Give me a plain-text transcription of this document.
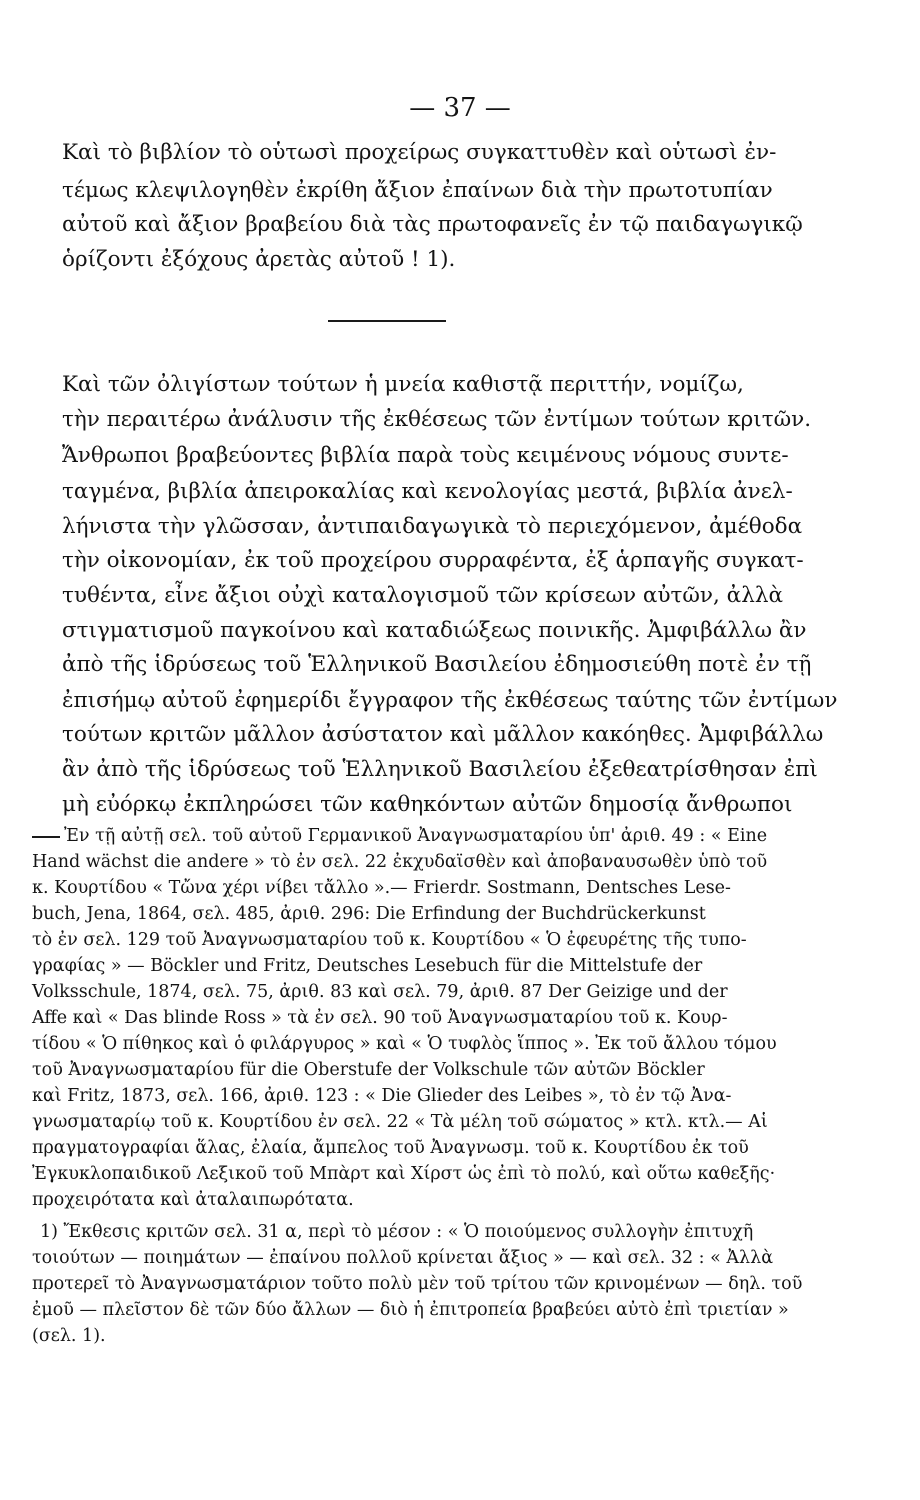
— 37 —
Καὶ τὸ βιβλίον τὸ οὑτωσὶ προχείρως συγκαττυθὲν καὶ οὑτωσὶ ἐν-
τέμως κλεψιλογηθὲν ἐκρίθη ἄξιον ἐπαίνων διὰ τὴν πρωτοτυπίαν
αὐτοῦ καὶ ἄξιον βραβείου διὰ τὰς πρωτοφανεῖς ἐν τῷ παιδαγωγικῷ
ὁρίζοντι ἐξόχους ἀρετὰς αὐτοῦ ! 1).
Καὶ τῶν ὀλιγίστων τούτων ἡ μνεία καθιστᾷ περιττήν, νομίζω,
τὴν περαιτέρω ἀνάλυσιν τῆς ἐκθέσεως τῶν ἐντίμων τούτων κριτῶν.
Ἄνθρωποι βραβεύοντες βιβλία παρὰ τοὺς κειμένους νόμους συντε-
ταγμένα, βιβλία ἀπειροκαλίας καὶ κενολογίας μεστά, βιβλία ἀνελ-
λήνιστα τὴν γλῶσσαν, ἀντιπαιδαγωγικὰ τὸ περιεχόμενον, ἀμέθοδα
τὴν οἰκονομίαν, ἐκ τοῦ προχείρου συρραφέντα, ἐξ ἁρπαγῆς συγκατ-
τυθέντα, εἶνε ἄξιοι οὐχὶ καταλογισμοῦ τῶν κρίσεων αὐτῶν, ἀλλὰ
στιγματισμοῦ παγκοίνου καὶ καταδιώξεως ποινικῆς. Ἀμφιβάλλω ἂν
ἀπὸ τῆς ἱδρύσεως τοῦ Ἑλληνικοῦ Βασιλείου ἐδημοσιεύθη ποτὲ ἐν τῇ
ἐπισήμῳ αὐτοῦ ἐφημερίδι ἔγγραφον τῆς ἐκθέσεως ταύτης τῶν ἐντίμων
τούτων κριτῶν μᾶλλον ἀσύστατον καὶ μᾶλλον κακόηθες. Ἀμφιβάλλω
ἂν ἀπὸ τῆς ἱδρύσεως τοῦ Ἑλληνικοῦ Βασιλείου ἐξεθεατρίσθησαν ἐπὶ
μὴ εὐόρκῳ ἐκπληρώσει τῶν καθηκόντων αὐτῶν δημοσίᾳ ἄνθρωποι
Ἐν τῇ αὐτῇ σελ. τοῦ αὐτοῦ Γερμανικοῦ Ἀναγνωσματαρίου ὑπ' ἀριθ. 49 : « Eine
Hand wächst die andere » τὸ ἐν σελ. 22 ἐκχυδαϊσθὲν καὶ ἀποβαναυσωθὲν ὑπὸ τοῦ
κ. Κουρτίδου « Τὤνα χέρι νίβει τἄλλο ».— Frierdr. Sostmann, Dentsches Lese-
buch, Jena, 1864, σελ. 485, ἀριθ. 296: Die Erfindung der Buchdrückerkunst
τὸ ἐν σελ. 129 τοῦ Ἀναγνωσματαρίου τοῦ κ. Κουρτίδου « Ὁ ἐφευρέτης τῆς τυπο-
γραφίας » — Böckler und Fritz, Deutsches Lesebuch für die Mittelstufe der
Volksschule, 1874, σελ. 75, ἀριθ. 83 καὶ σελ. 79, ἀριθ. 87 Der Geizige und der
Affe καὶ « Das blinde Ross » τὰ ἐν σελ. 90 τοῦ Ἀναγνωσματαρίου τοῦ κ. Κουρ-
τίδου « Ὁ πίθηκος καὶ ὁ φιλάργυρος » καὶ « Ὁ τυφλὸς ἵππος ». Ἐκ τοῦ ἄλλου τόμου
τοῦ Ἀναγνωσματαρίου für die Oberstufe der Volkschule τῶν αὐτῶν Böckler
καὶ Fritz, 1873, σελ. 166, ἀριθ. 123 : « Die Glieder des Leibes », τὸ ἐν τῷ Ἀνα-
γνωσματαρίῳ τοῦ κ. Κουρτίδου ἐν σελ. 22 « Τὰ μέλη τοῦ σώματος » κτλ. κτλ.— Αἱ
πραγματογραφίαι ἅλας, ἐλαία, ἄμπελος τοῦ Ἀναγνωσμ. τοῦ κ. Κουρτίδου ἐκ τοῦ
Ἐγκυκλοπαιδικοῦ Λεξικοῦ τοῦ Μπὰρτ καὶ Χίρστ ὡς ἐπὶ τὸ πολύ, καὶ οὕτω καθεξῆς·
προχειρότατα καὶ ἀταλαιπωρότατα.
1) Ἔκθεσις κριτῶν σελ. 31 α, περὶ τὸ μέσον : « Ὁ ποιούμενος συλλογὴν ἐπιτυχῆ
τοιούτων — ποιημάτων — ἐπαίνου πολλοῦ κρίνεται ἄξιος » — καὶ σελ. 32 : « Ἀλλὰ
προτερεῖ τὸ Ἀναγνωσματάριον τοῦτο πολὺ μὲν τοῦ τρίτου τῶν κρινομένων — δηλ. τοῦ
ἐμοῦ — πλεῖστον δὲ τῶν δύο ἄλλων — διὸ ἡ ἐπιτροπεία βραβεύει αὐτὸ ἐπὶ τριετίαν »
(σελ. 1).
